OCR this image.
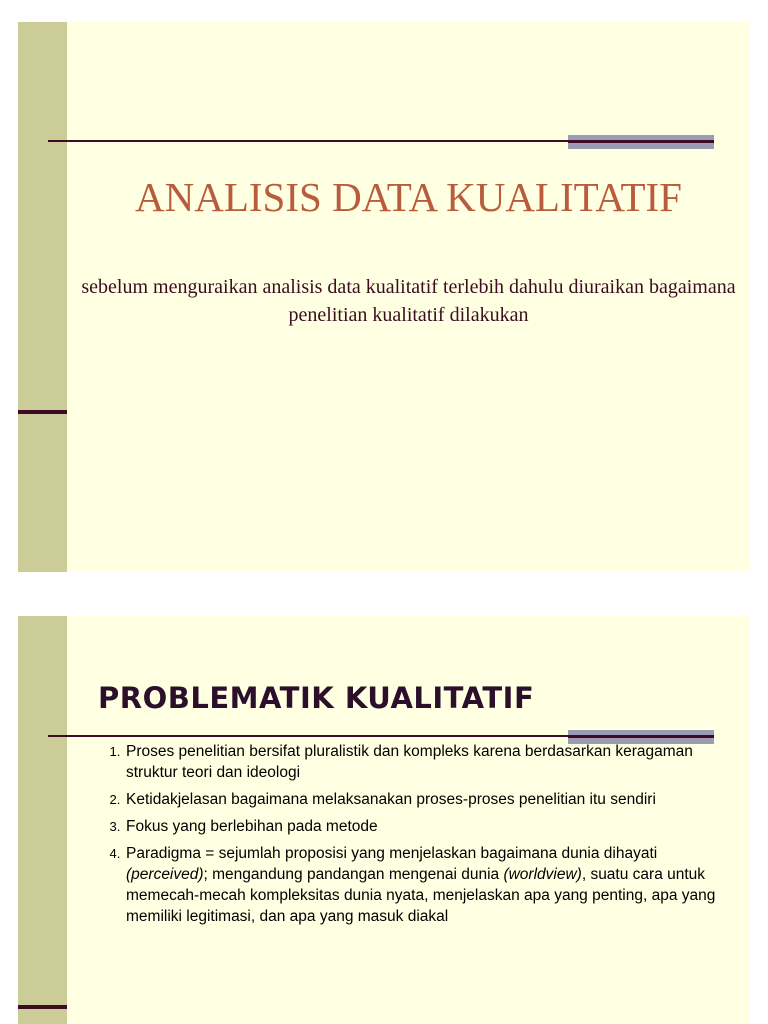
ANALISIS DATA KUALITATIF

sebelum menguraikan analisis data kualitatif terlebih dahulu diuraikan bagaimana penelitian kualitatif dilakukan

PROBLEMATIK KUALITATIF
1. Proses penelitian bersifat pluralistik dan kompleks karena berdasarkan keragaman struktur teori dan ideologi
2. Ketidakjelasan bagaimana melaksanakan proses-proses penelitian itu sendiri
3. Fokus yang berlebihan pada metode
4. Paradigma = sejumlah proposisi yang menjelaskan bagaimana dunia dihayati (perceived); mengandung pandangan mengenai dunia (worldview), suatu cara untuk memecah-mecah kompleksitas dunia nyata, menjelaskan apa yang penting, apa yang memiliki legitimasi, dan apa yang masuk diakal
